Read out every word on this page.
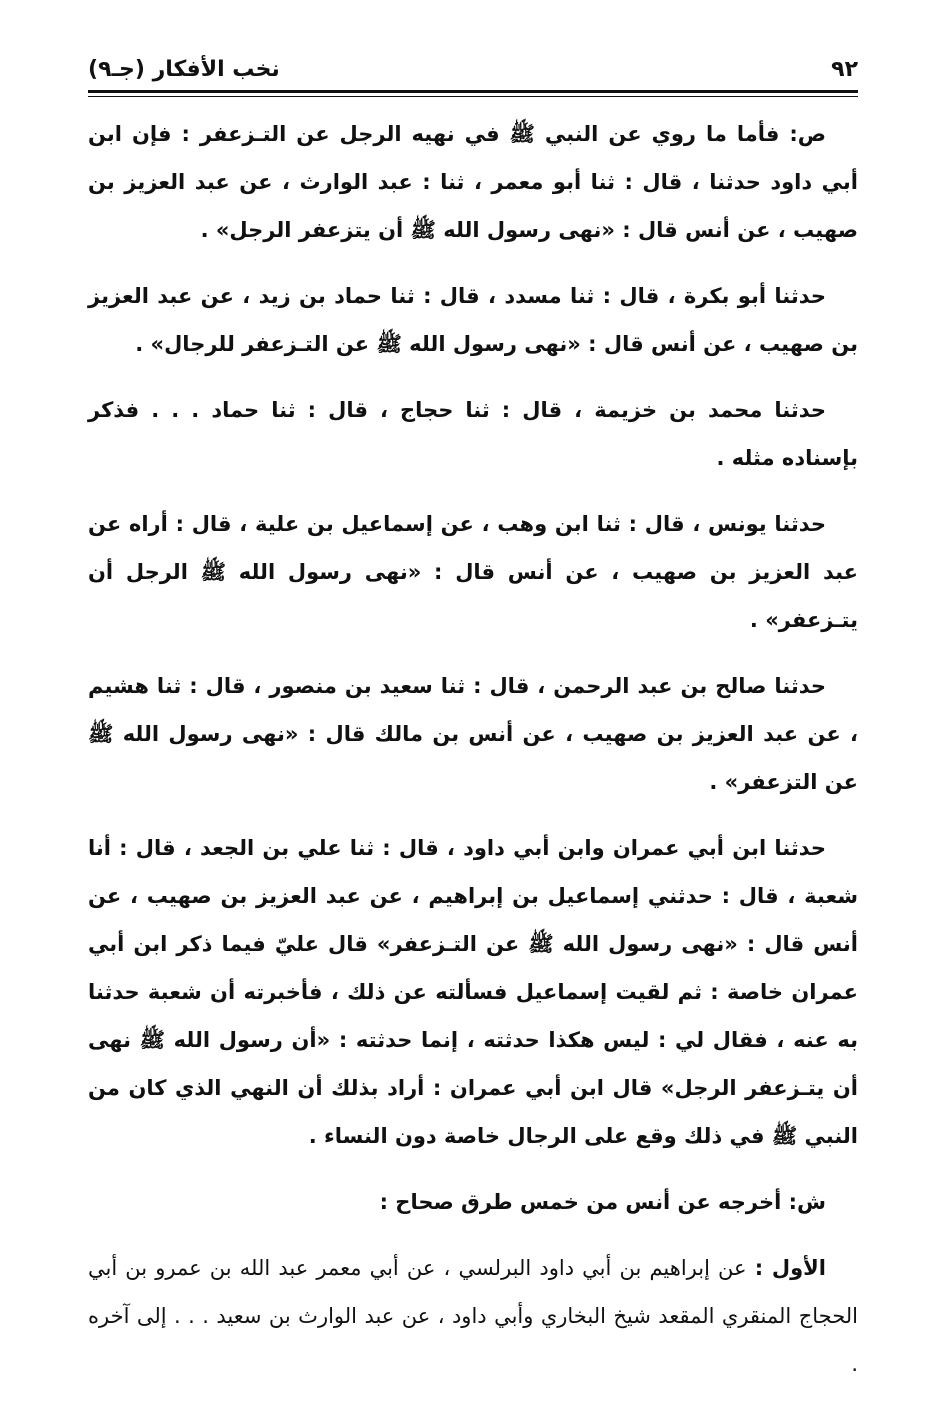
٩٢
نخب الأفكار (جـ٩)

ص: فأما ما روي عن النبي ﷺ في نهيه الرجل عن التـزعفر : فإن ابن أبي داود حدثنا ، قال : ثنا أبو معمر ، ثنا : عبد الوارث ، عن عبد العزيز بن صهيب ، عن أنس قال : «نهى رسول الله ﷺ أن يتزعفر الرجل» .

حدثنا أبو بكرة ، قال : ثنا مسدد ، قال : ثنا حماد بن زيد ، عن عبد العزيز بن صهيب ، عن أنس قال : «نهى رسول الله ﷺ عن التـزعفر للرجال» .

حدثنا محمد بن خزيمة ، قال : ثنا حجاج ، قال : ثنا حماد . . . فذكر بإسناده مثله .

حدثنا يونس ، قال : ثنا ابن وهب ، عن إسماعيل بن علية ، قال : أراه عن عبد العزيز بن صهيب ، عن أنس قال : «نهى رسول الله ﷺ الرجل أن يتـزعفر» .

حدثنا صالح بن عبد الرحمن ، قال : ثنا سعيد بن منصور ، قال : ثنا هشيم ، عن عبد العزيز بن صهيب ، عن أنس بن مالك قال : «نهى رسول الله ﷺ عن التزعفر» .

حدثنا ابن أبي عمران وابن أبي داود ، قال : ثنا علي بن الجعد ، قال : أنا شعبة ، قال : حدثني إسماعيل بن إبراهيم ، عن عبد العزيز بن صهيب ، عن أنس قال : «نهى رسول الله ﷺ عن التـزعفر» قال عليّ فيما ذكر ابن أبي عمران خاصة : ثم لقيت إسماعيل فسألته عن ذلك ، فأخبرته أن شعبة حدثنا به عنه ، فقال لي : ليس هكذا حدثته ، إنما حدثته : «أن رسول الله ﷺ نهى أن يتـزعفر الرجل» قال ابن أبي عمران : أراد بذلك أن النهي الذي كان من النبي ﷺ في ذلك وقع على الرجال خاصة دون النساء .

ش: أخرجه عن أنس من خمس طرق صحاح :

الأول : عن إبراهيم بن أبي داود البرلسي ، عن أبي معمر عبد الله بن عمرو بن أبي الحجاج المنقري المقعد شيخ البخاري وأبي داود ، عن عبد الوارث بن سعيد . . . إلى آخره .
